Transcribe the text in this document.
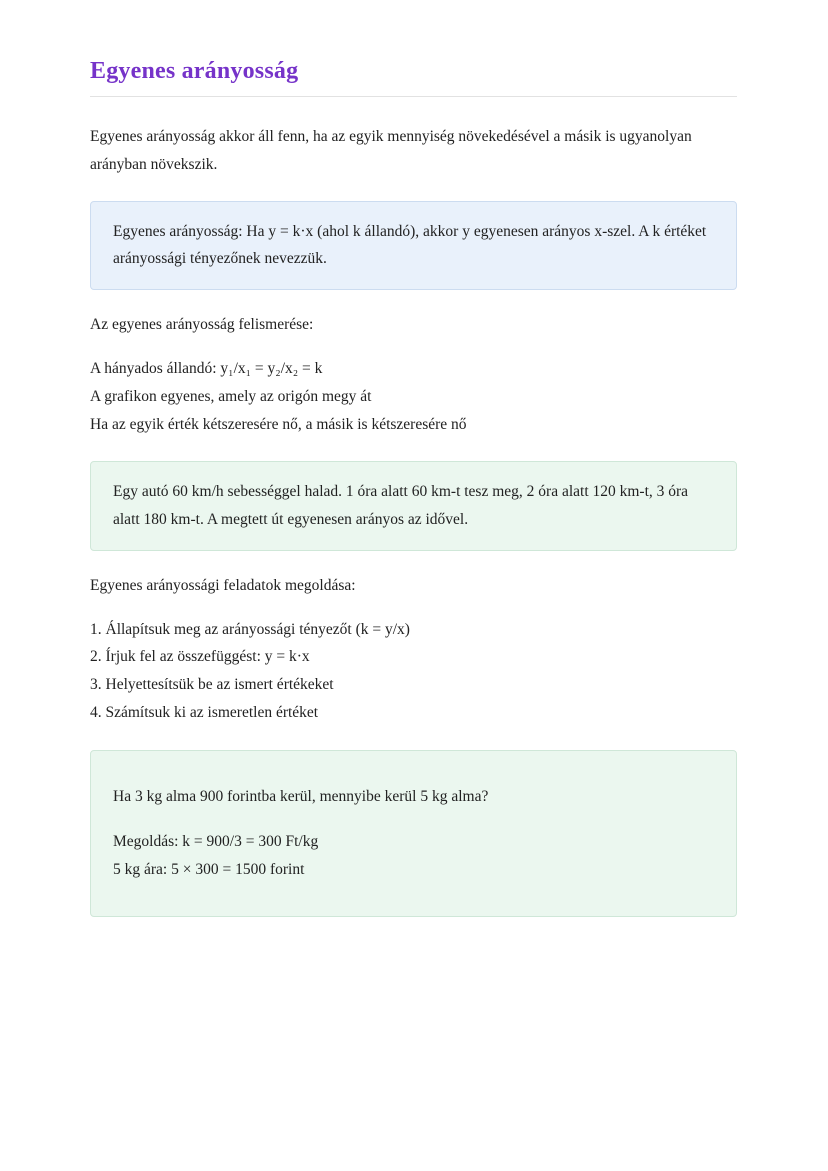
Egyenes arányosság

Egyenes arányosság akkor áll fenn, ha az egyik mennyiség növekedésével a másik is ugyanolyan arányban növekszik.

Egyenes arányosság: Ha y = k·x (ahol k állandó), akkor y egyenesen arányos x-szel. A k értéket arányossági tényezőnek nevezzük.

Az egyenes arányosság felismerése:

A hányados állandó: y₁/x₁ = y₂/x₂ = k
A grafikon egyenes, amely az origón megy át
Ha az egyik érték kétszeresére nő, a másik is kétszeresére nő

Egy autó 60 km/h sebességgel halad. 1 óra alatt 60 km-t tesz meg, 2 óra alatt 120 km-t, 3 óra alatt 180 km-t. A megtett út egyenesen arányos az idővel.

Egyenes arányossági feladatok megoldása:

1. Állapítsuk meg az arányossági tényezőt (k = y/x)
2. Írjuk fel az összefüggést: y = k·x
3. Helyettesítsük be az ismert értékeket
4. Számítsuk ki az ismeretlen értéket

Ha 3 kg alma 900 forintba kerül, mennyibe kerül 5 kg alma?

Megoldás: k = 900/3 = 300 Ft/kg

5 kg ára: 5 × 300 = 1500 forint
